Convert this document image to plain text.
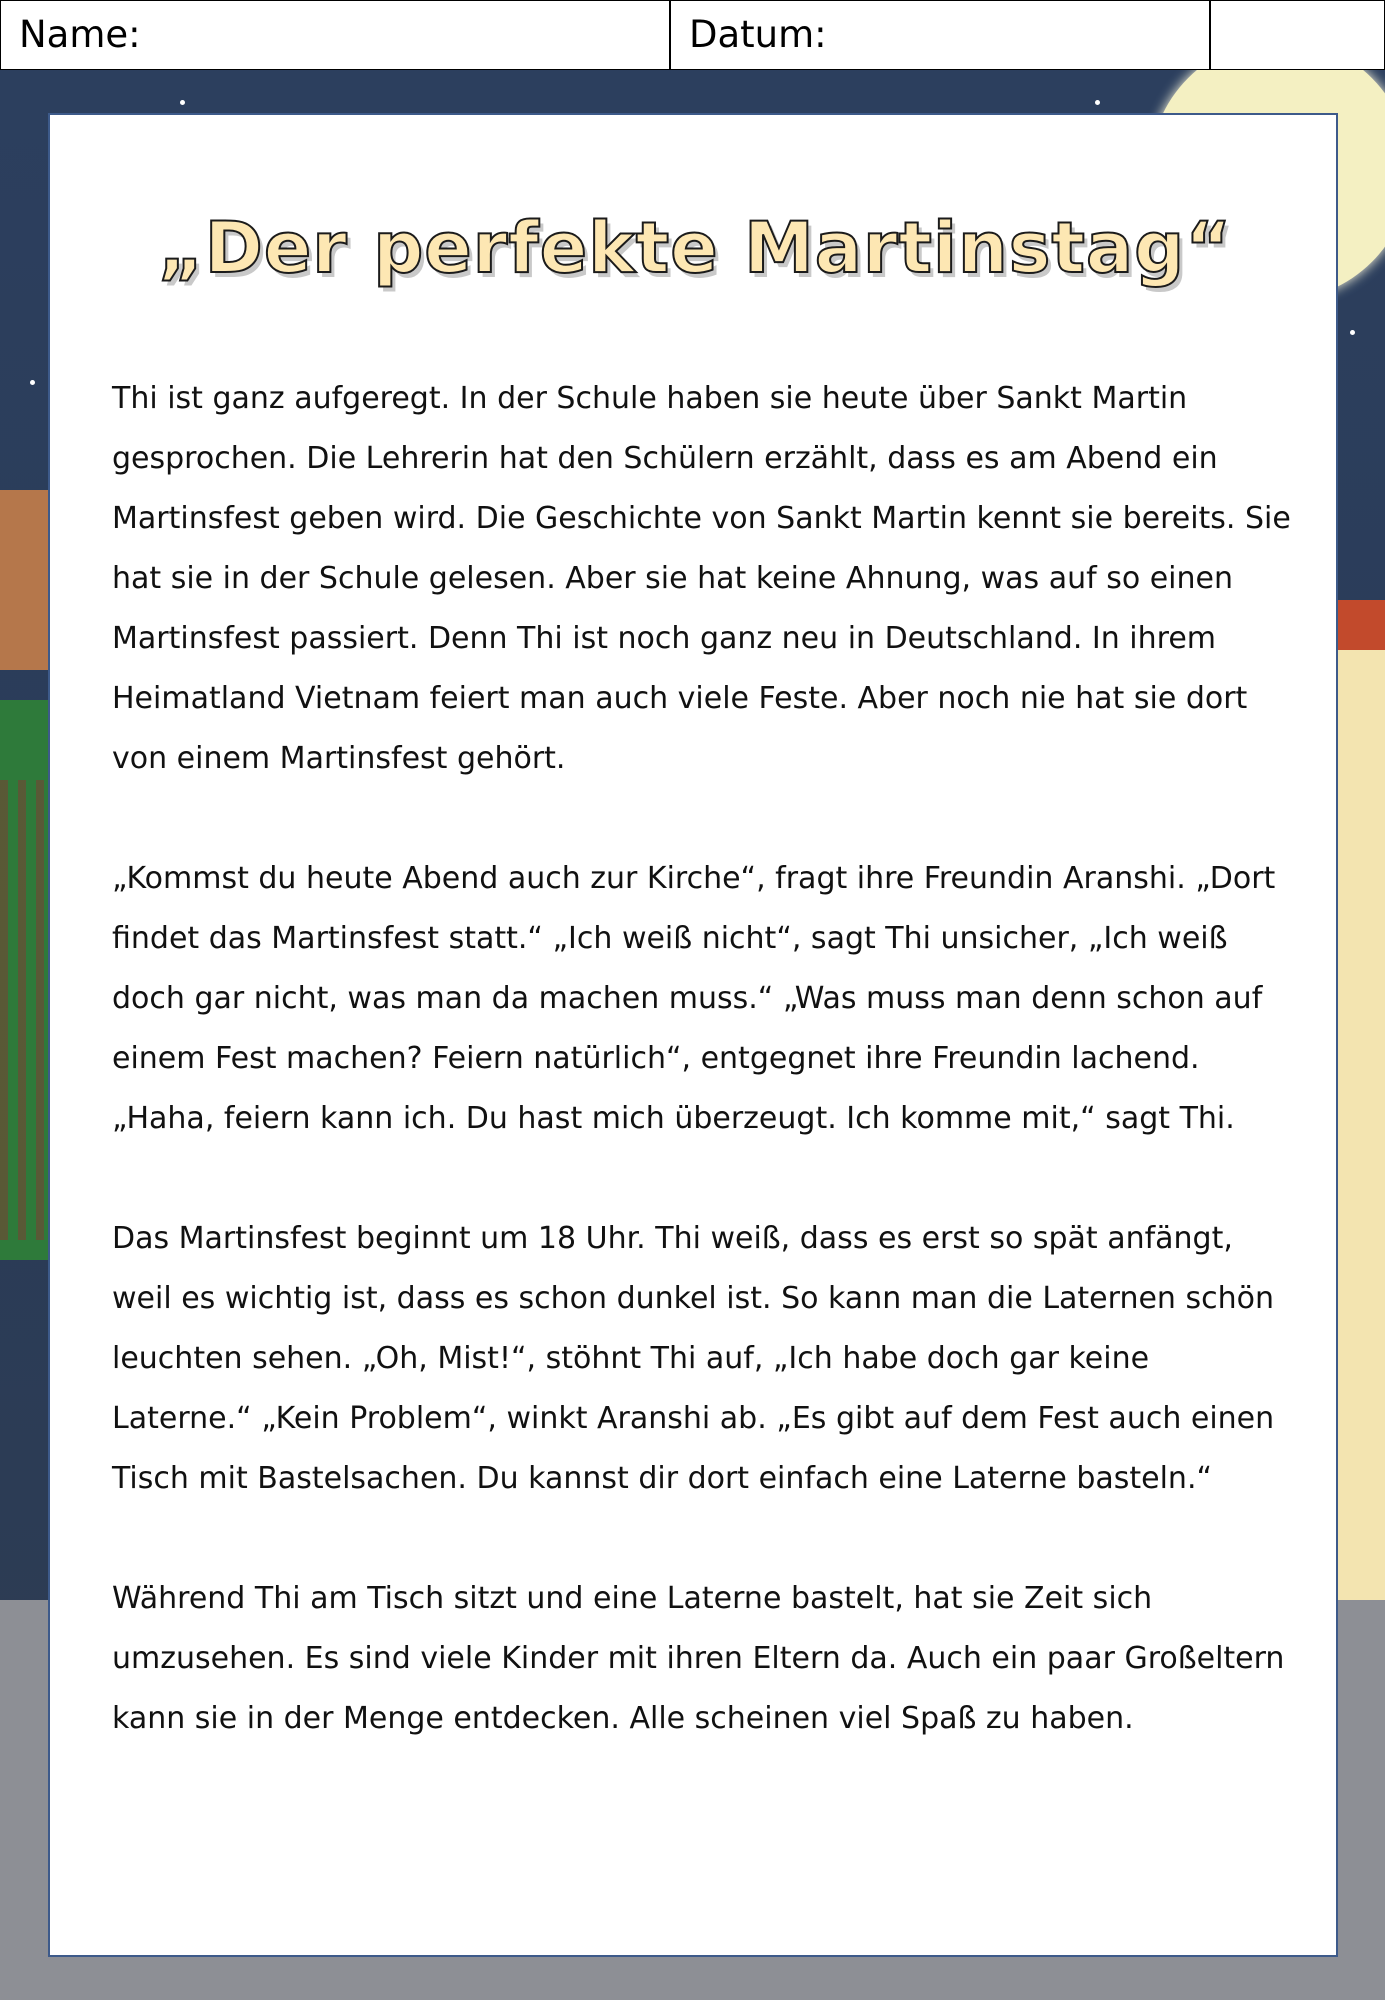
Name:	Datum:
„Der perfekte Martinstag“

Thi ist ganz aufgeregt. In der Schule haben sie heute über Sankt Martin gesprochen. Die Lehrerin hat den Schülern erzählt, dass es am Abend ein Martinsfest geben wird. Die Geschichte von Sankt Martin kennt sie bereits. Sie hat sie in der Schule gelesen. Aber sie hat keine Ahnung, was auf so einen Martinsfest passiert. Denn Thi ist noch ganz neu in Deutschland. In ihrem Heimatland Vietnam feiert man auch viele Feste. Aber noch nie hat sie dort von einem Martinsfest gehört.

„Kommst du heute Abend auch zur Kirche“, fragt ihre Freundin Aranshi. „Dort findet das Martinsfest statt.“ „Ich weiß nicht“, sagt Thi unsicher, „Ich weiß doch gar nicht, was man da machen muss.“ „Was muss man denn schon auf einem Fest machen? Feiern natürlich“, entgegnet ihre Freundin lachend. „Haha, feiern kann ich. Du hast mich überzeugt. Ich komme mit,“ sagt Thi.

Das Martinsfest beginnt um 18 Uhr. Thi weiß, dass es erst so spät anfängt, weil es wichtig ist, dass es schon dunkel ist. So kann man die Laternen schön leuchten sehen. „Oh, Mist!“, stöhnt Thi auf, „Ich habe doch gar keine Laterne.“ „Kein Problem“, winkt Aranshi ab. „Es gibt auf dem Fest auch einen Tisch mit Bastelsachen. Du kannst dir dort einfach eine Laterne basteln.“

Während Thi am Tisch sitzt und eine Laterne bastelt, hat sie Zeit sich umzusehen. Es sind viele Kinder mit ihren Eltern da. Auch ein paar Großeltern kann sie in der Menge entdecken. Alle scheinen viel Spaß zu haben.
